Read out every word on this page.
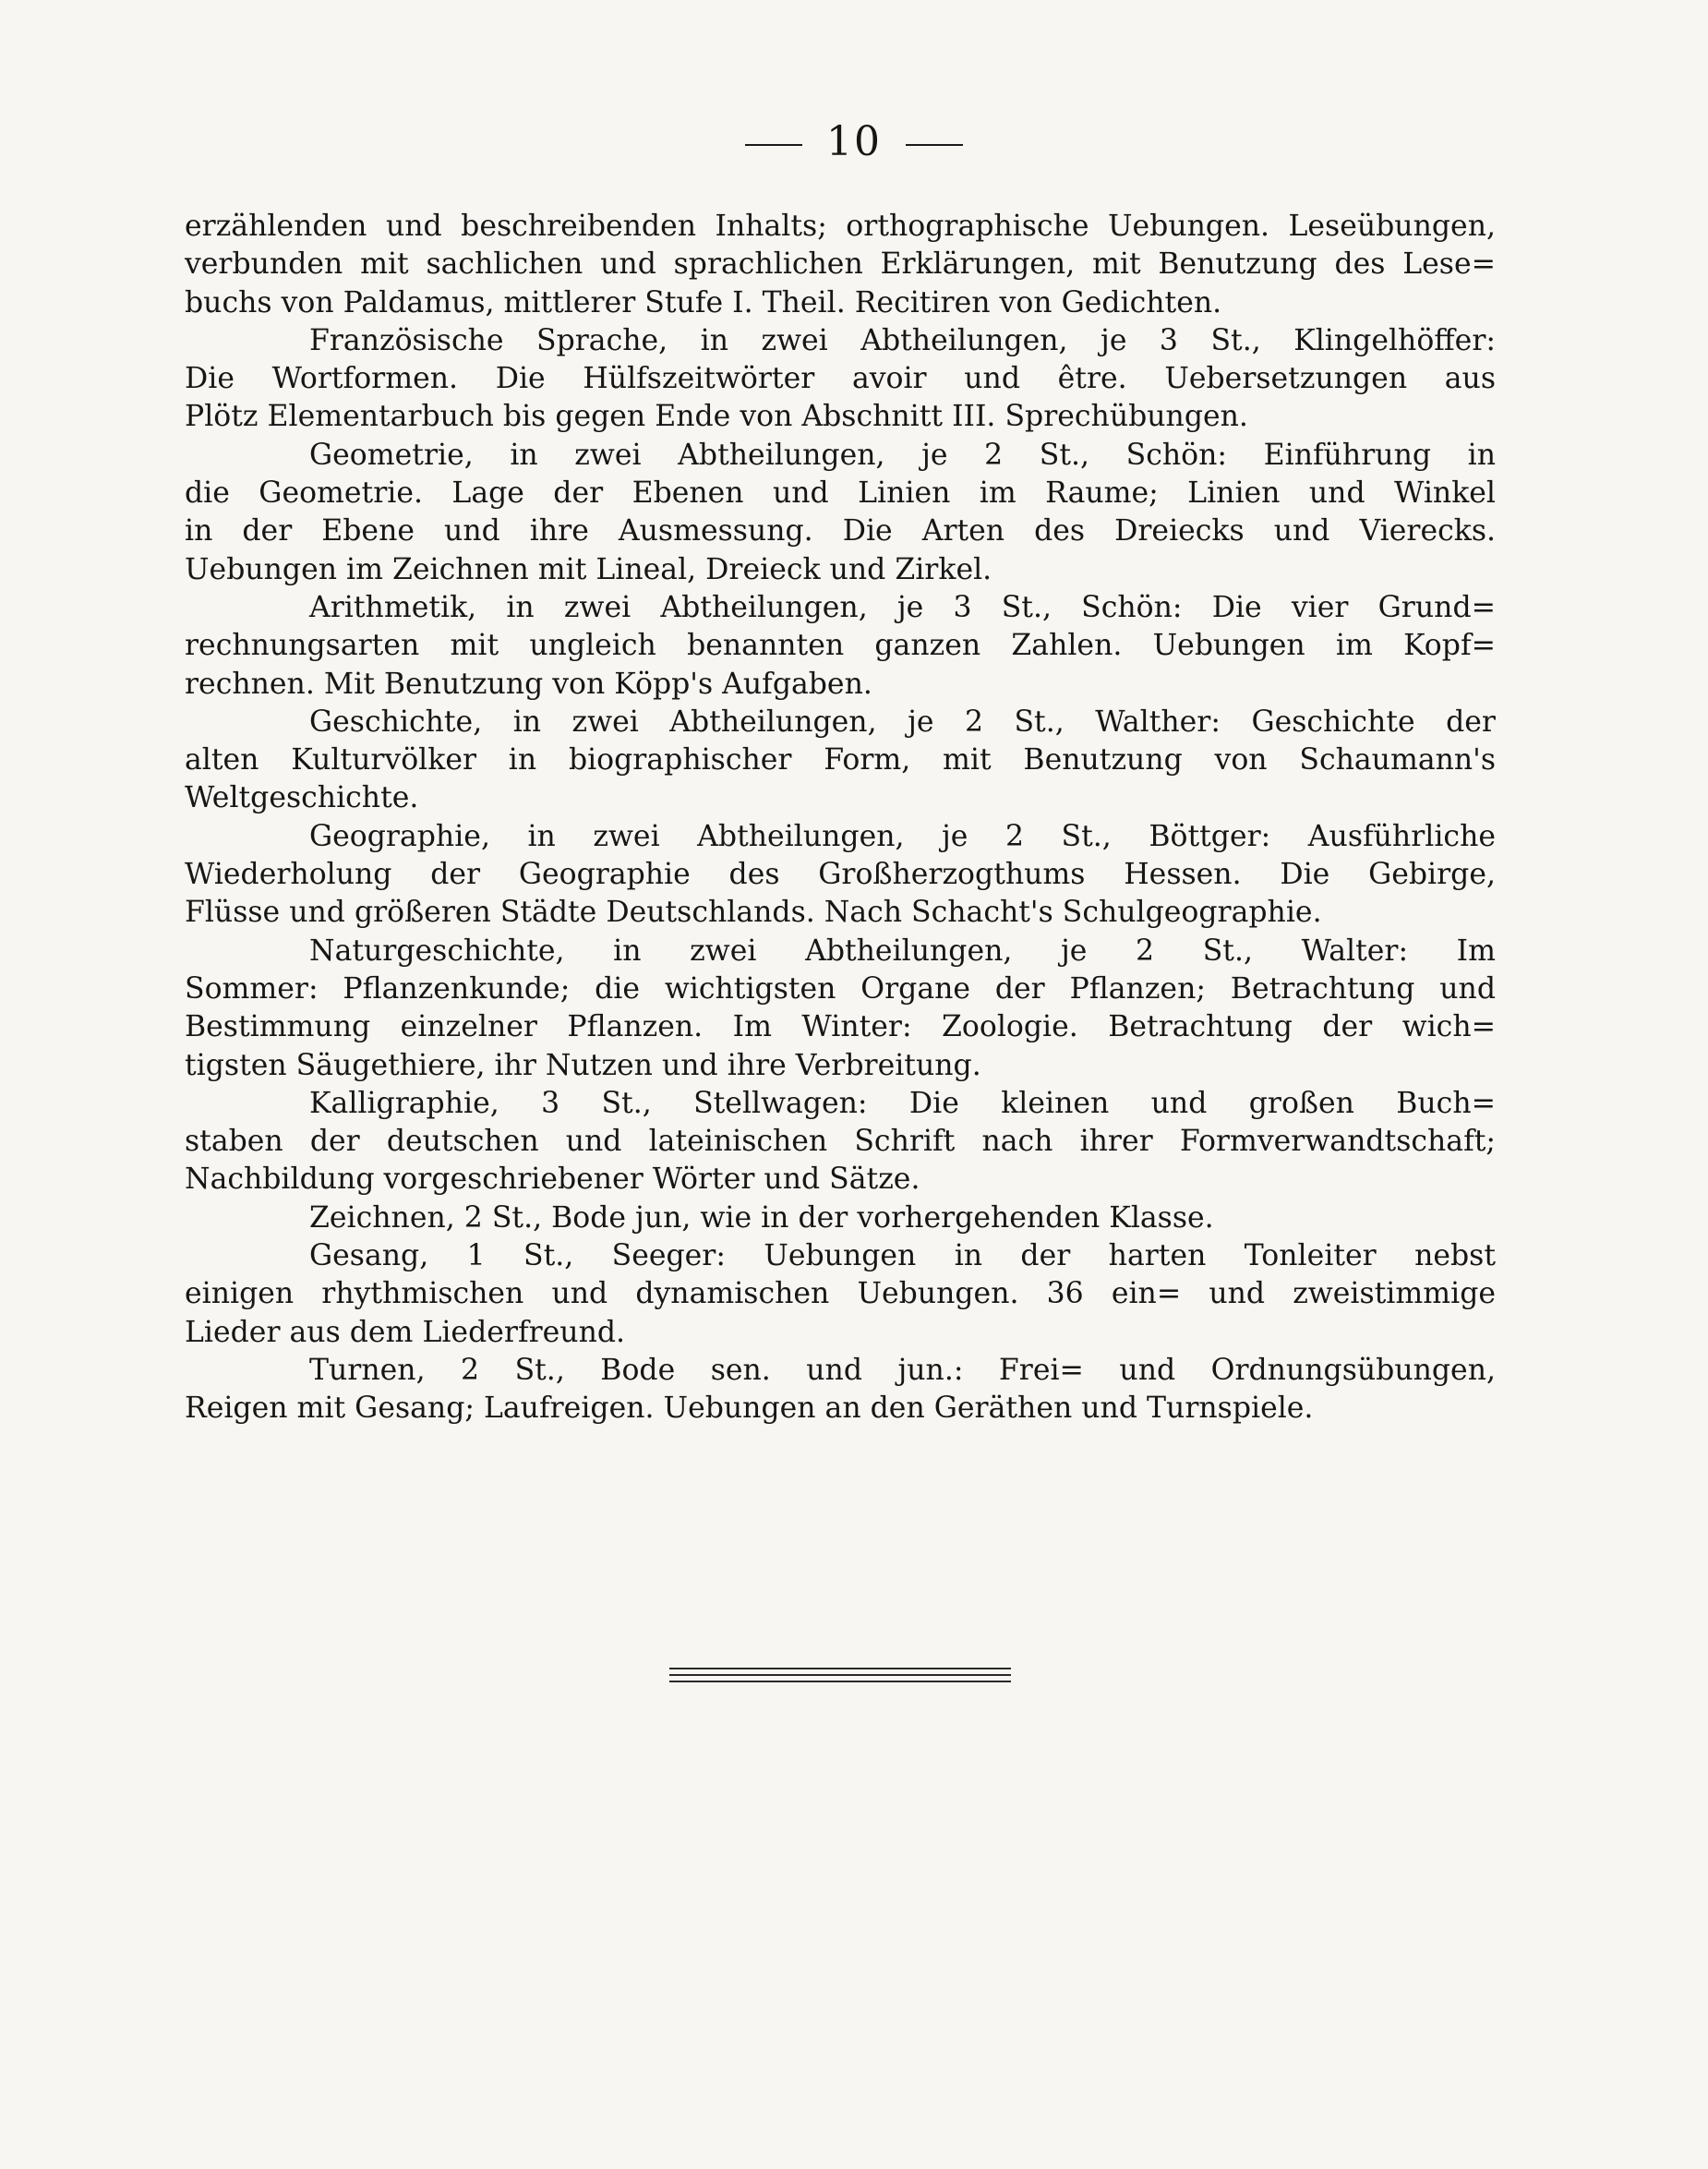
10
erzählenden und beschreibenden Inhalts; orthographische Uebungen. Leseübungen,
verbunden mit sachlichen und sprachlichen Erklärungen, mit Benutzung des Lese=
buchs von Paldamus, mittlerer Stufe I. Theil. Recitiren von Gedichten.
Französische Sprache, in zwei Abtheilungen, je 3 St., Klingelhöffer:
Die Wortformen. Die Hülfszeitwörter avoir und être. Uebersetzungen aus
Plötz Elementarbuch bis gegen Ende von Abschnitt III. Sprechübungen.
Geometrie, in zwei Abtheilungen, je 2 St., Schön: Einführung in
die Geometrie. Lage der Ebenen und Linien im Raume; Linien und Winkel
in der Ebene und ihre Ausmessung. Die Arten des Dreiecks und Vierecks.
Uebungen im Zeichnen mit Lineal, Dreieck und Zirkel.
Arithmetik, in zwei Abtheilungen, je 3 St., Schön: Die vier Grund=
rechnungsarten mit ungleich benannten ganzen Zahlen. Uebungen im Kopf=
rechnen. Mit Benutzung von Köpp's Aufgaben.
Geschichte, in zwei Abtheilungen, je 2 St., Walther: Geschichte der
alten Kulturvölker in biographischer Form, mit Benutzung von Schaumann's
Weltgeschichte.
Geographie, in zwei Abtheilungen, je 2 St., Böttger: Ausführliche
Wiederholung der Geographie des Großherzogthums Hessen. Die Gebirge,
Flüsse und größeren Städte Deutschlands. Nach Schacht's Schulgeographie.
Naturgeschichte, in zwei Abtheilungen, je 2 St., Walter: Im
Sommer: Pflanzenkunde; die wichtigsten Organe der Pflanzen; Betrachtung und
Bestimmung einzelner Pflanzen. Im Winter: Zoologie. Betrachtung der wich=
tigsten Säugethiere, ihr Nutzen und ihre Verbreitung.
Kalligraphie, 3 St., Stellwagen: Die kleinen und großen Buch=
staben der deutschen und lateinischen Schrift nach ihrer Formverwandtschaft;
Nachbildung vorgeschriebener Wörter und Sätze.
Zeichnen, 2 St., Bode jun, wie in der vorhergehenden Klasse.
Gesang, 1 St., Seeger: Uebungen in der harten Tonleiter nebst
einigen rhythmischen und dynamischen Uebungen. 36 ein= und zweistimmige
Lieder aus dem Liederfreund.
Turnen, 2 St., Bode sen. und jun.: Frei= und Ordnungsübungen,
Reigen mit Gesang; Laufreigen. Uebungen an den Geräthen und Turnspiele.
